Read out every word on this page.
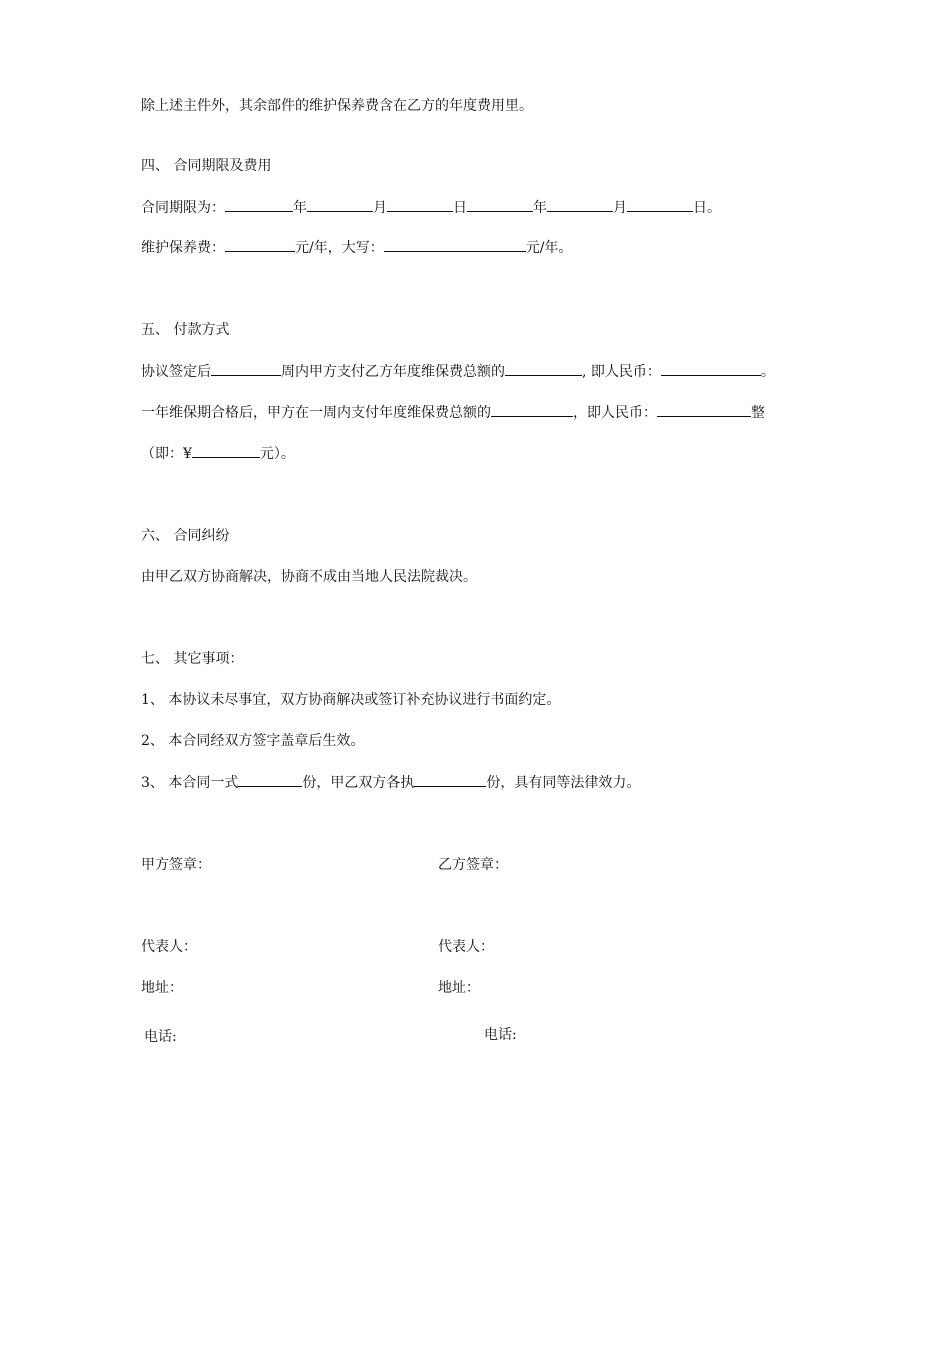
除上述主件外，其余部件的维护保养费含在乙方的年度费用里。
四、 合同期限及费用
合同期限为：	年	月	日	年	月	日。
维护保养费：	元/年，大写：	元/年。
五、 付款方式
协议签定后	周内甲方支付乙方年度维保费总额的	, 即人民币：	。
一年维保期合格后，甲方在一周内支付年度维保费总额的	，即人民币：	整
（即：¥	元）。
六、 合同纠纷
由甲乙双方协商解决，协商不成由当地人民法院裁决。
七、 其它事项：
1、 本协议未尽事宜，双方协商解决或签订补充协议进行书面约定。
2、 本合同经双方签字盖章后生效。
3、 本合同一式	份，甲乙双方各执	份，具有同等法律效力。
甲方签章：	乙方签章：
代表人：	代表人：
地址：	地址：
电话:	电话:
